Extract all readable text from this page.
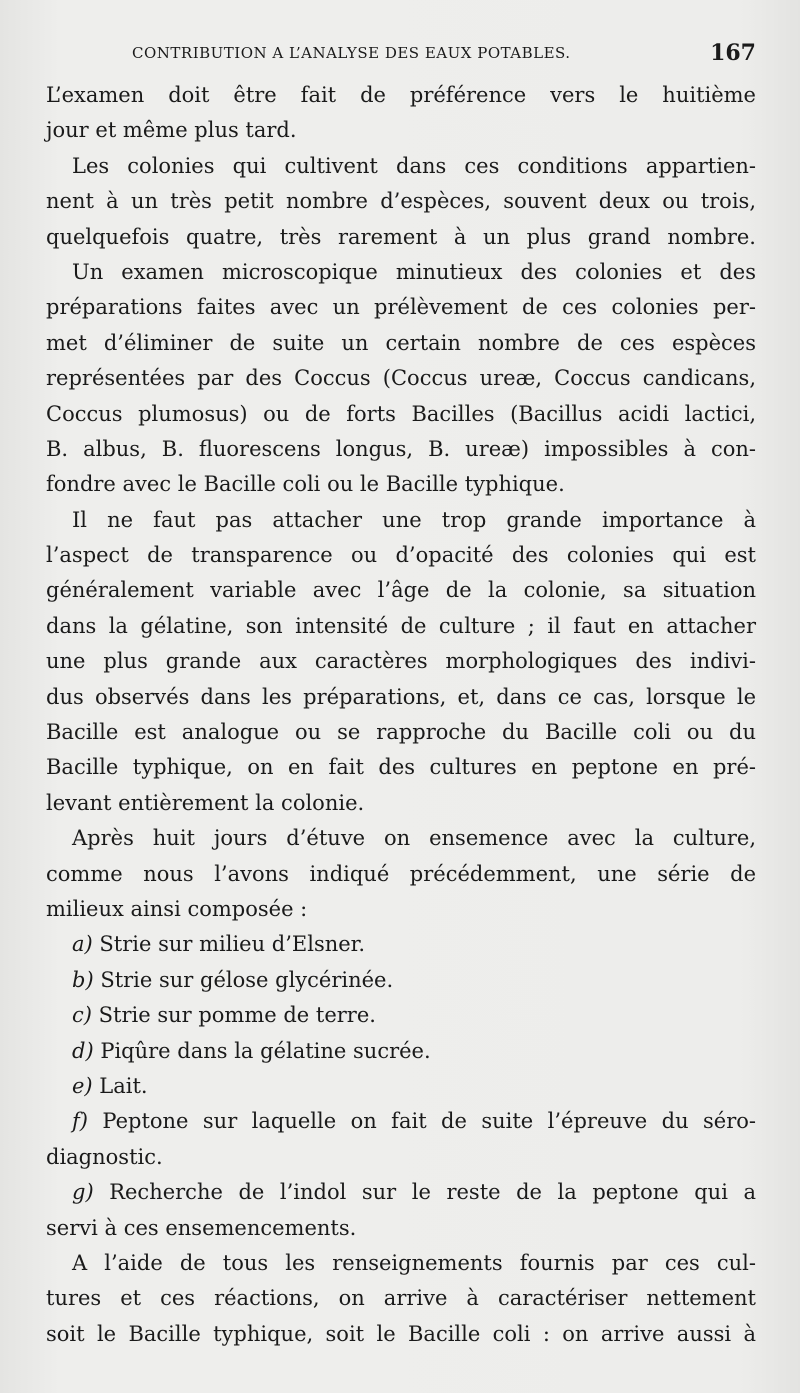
CONTRIBUTION A L’ANALYSE DES EAUX POTABLES.	167
L’examen doit être fait de préférence vers le huitième
jour et même plus tard.
Les colonies qui cultivent dans ces conditions appartien-
nent à un très petit nombre d’espèces, souvent deux ou trois,
quelquefois quatre, très rarement à un plus grand nombre.
Un examen microscopique minutieux des colonies et des
préparations faites avec un prélèvement de ces colonies per-
met d’éliminer de suite un certain nombre de ces espèces
représentées par des Coccus (Coccus ureæ, Coccus candicans,
Coccus plumosus) ou de forts Bacilles (Bacillus acidi lactici,
B. albus, B. fluorescens longus, B. ureæ) impossibles à con-
fondre avec le Bacille coli ou le Bacille typhique.
Il ne faut pas attacher une trop grande importance à
l’aspect de transparence ou d’opacité des colonies qui est
généralement variable avec l’âge de la colonie, sa situation
dans la gélatine, son intensité de culture ; il faut en attacher
une plus grande aux caractères morphologiques des indivi-
dus observés dans les préparations, et, dans ce cas, lorsque le
Bacille est analogue ou se rapproche du Bacille coli ou du
Bacille typhique, on en fait des cultures en peptone en pré-
levant entièrement la colonie.
Après huit jours d’étuve on ensemence avec la culture,
comme nous l’avons indiqué précédemment, une série de
milieux ainsi composée :
a) Strie sur milieu d’Elsner.
b) Strie sur gélose glycérinée.
c) Strie sur pomme de terre.
d) Piqûre dans la gélatine sucrée.
e) Lait.
f) Peptone sur laquelle on fait de suite l’épreuve du séro-
diagnostic.
g) Recherche de l’indol sur le reste de la peptone qui a
servi à ces ensemencements.
A l’aide de tous les renseignements fournis par ces cul-
tures et ces réactions, on arrive à caractériser nettement
soit le Bacille typhique, soit le Bacille coli : on arrive aussi à
